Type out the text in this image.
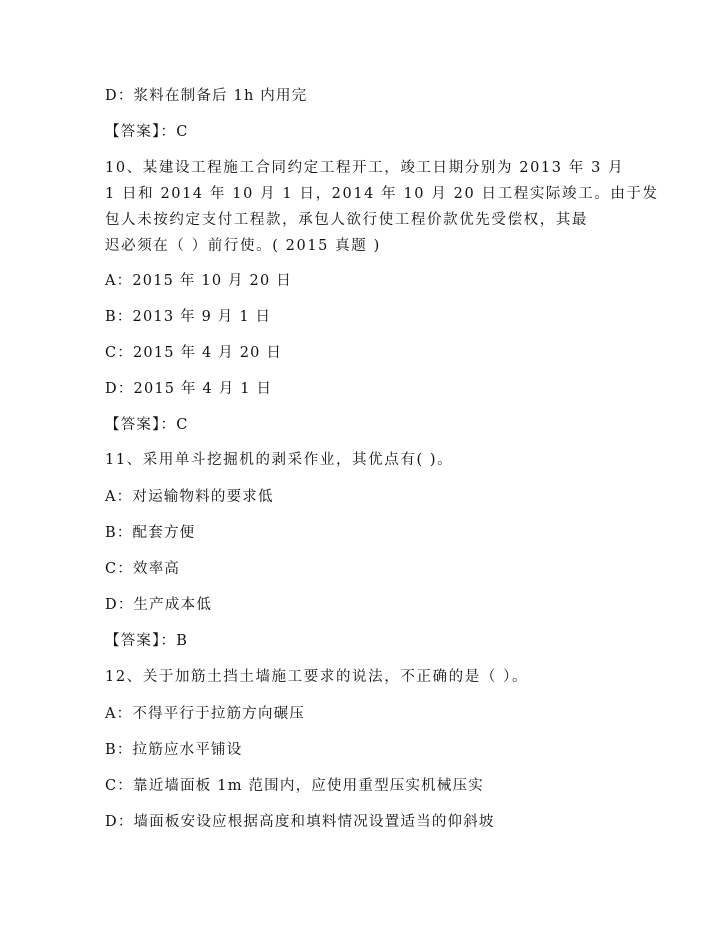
D：浆料在制备后 1h 内用完
【答案】：C
10、某建设工程施工合同约定工程开工，竣工日期分别为 2013 年 3 月
1 日和 2014 年 10 月 1 日，2014 年 10 月 20 日工程实际竣工。由于发
包人未按约定支付工程款，承包人欲行使工程价款优先受偿权，其最
迟必须在（ ）前行使。( 2015 真题 )
A：2015 年 10 月 20 日
B：2013 年 9 月 1 日
C：2015 年 4 月 20 日
D：2015 年 4 月 1 日
【答案】：C
11、采用单斗挖掘机的剥采作业，其优点有( )。
A：对运输物料的要求低
B：配套方便
C：效率高
D：生产成本低
【答案】：B
12、关于加筋土挡土墙施工要求的说法，不正确的是（ ）。
A：不得平行于拉筋方向碾压
B：拉筋应水平铺设
C：靠近墙面板 1m 范围内，应使用重型压实机械压实
D：墙面板安设应根据高度和填料情况设置适当的仰斜坡
